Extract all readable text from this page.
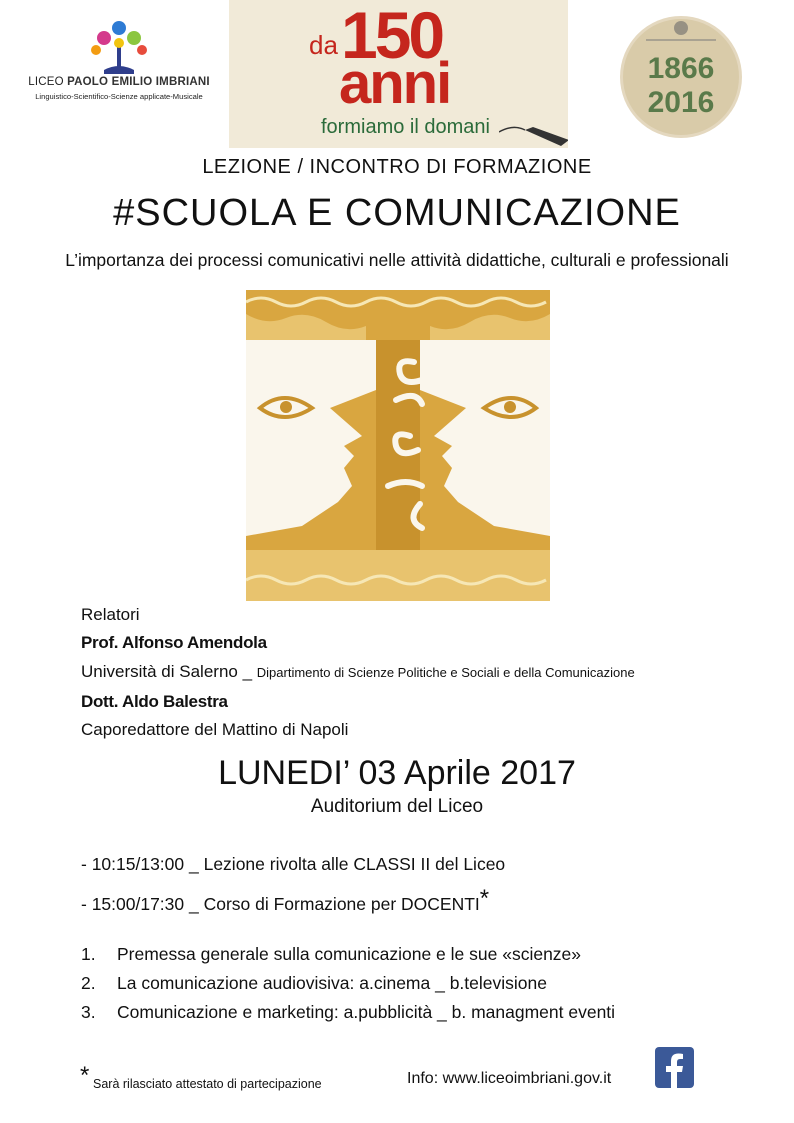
LICEO PAOLO EMILIO IMBRIANI
Linguistico-Scientifico-Scienze applicate-Musicale
da 150
anni
formiamo il domani
1866
2016
LEZIONE / INCONTRO DI FORMAZIONE
#SCUOLA E COMUNICAZIONE
L’importanza dei processi comunicativi nelle attività didattiche, culturali e professionali
Relatori
Prof. Alfonso Amendola
Università di Salerno _ Dipartimento di Scienze Politiche e Sociali e della Comunicazione
Dott. Aldo Balestra
Caporedattore del Mattino di Napoli
LUNEDI’ 03 Aprile 2017
Auditorium del Liceo
- 10:15/13:00 _ Lezione rivolta alle CLASSI II del Liceo
- 15:00/17:30 _ Corso di Formazione per DOCENTI*
1. Premessa generale sulla comunicazione e le sue «scienze»
2. La comunicazione audiovisiva: a.cinema _ b.televisione
3. Comunicazione e marketing: a.pubblicità _ b. managment eventi
* Sarà rilasciato attestato di partecipazione	Info: www.liceoimbriani.gov.it
